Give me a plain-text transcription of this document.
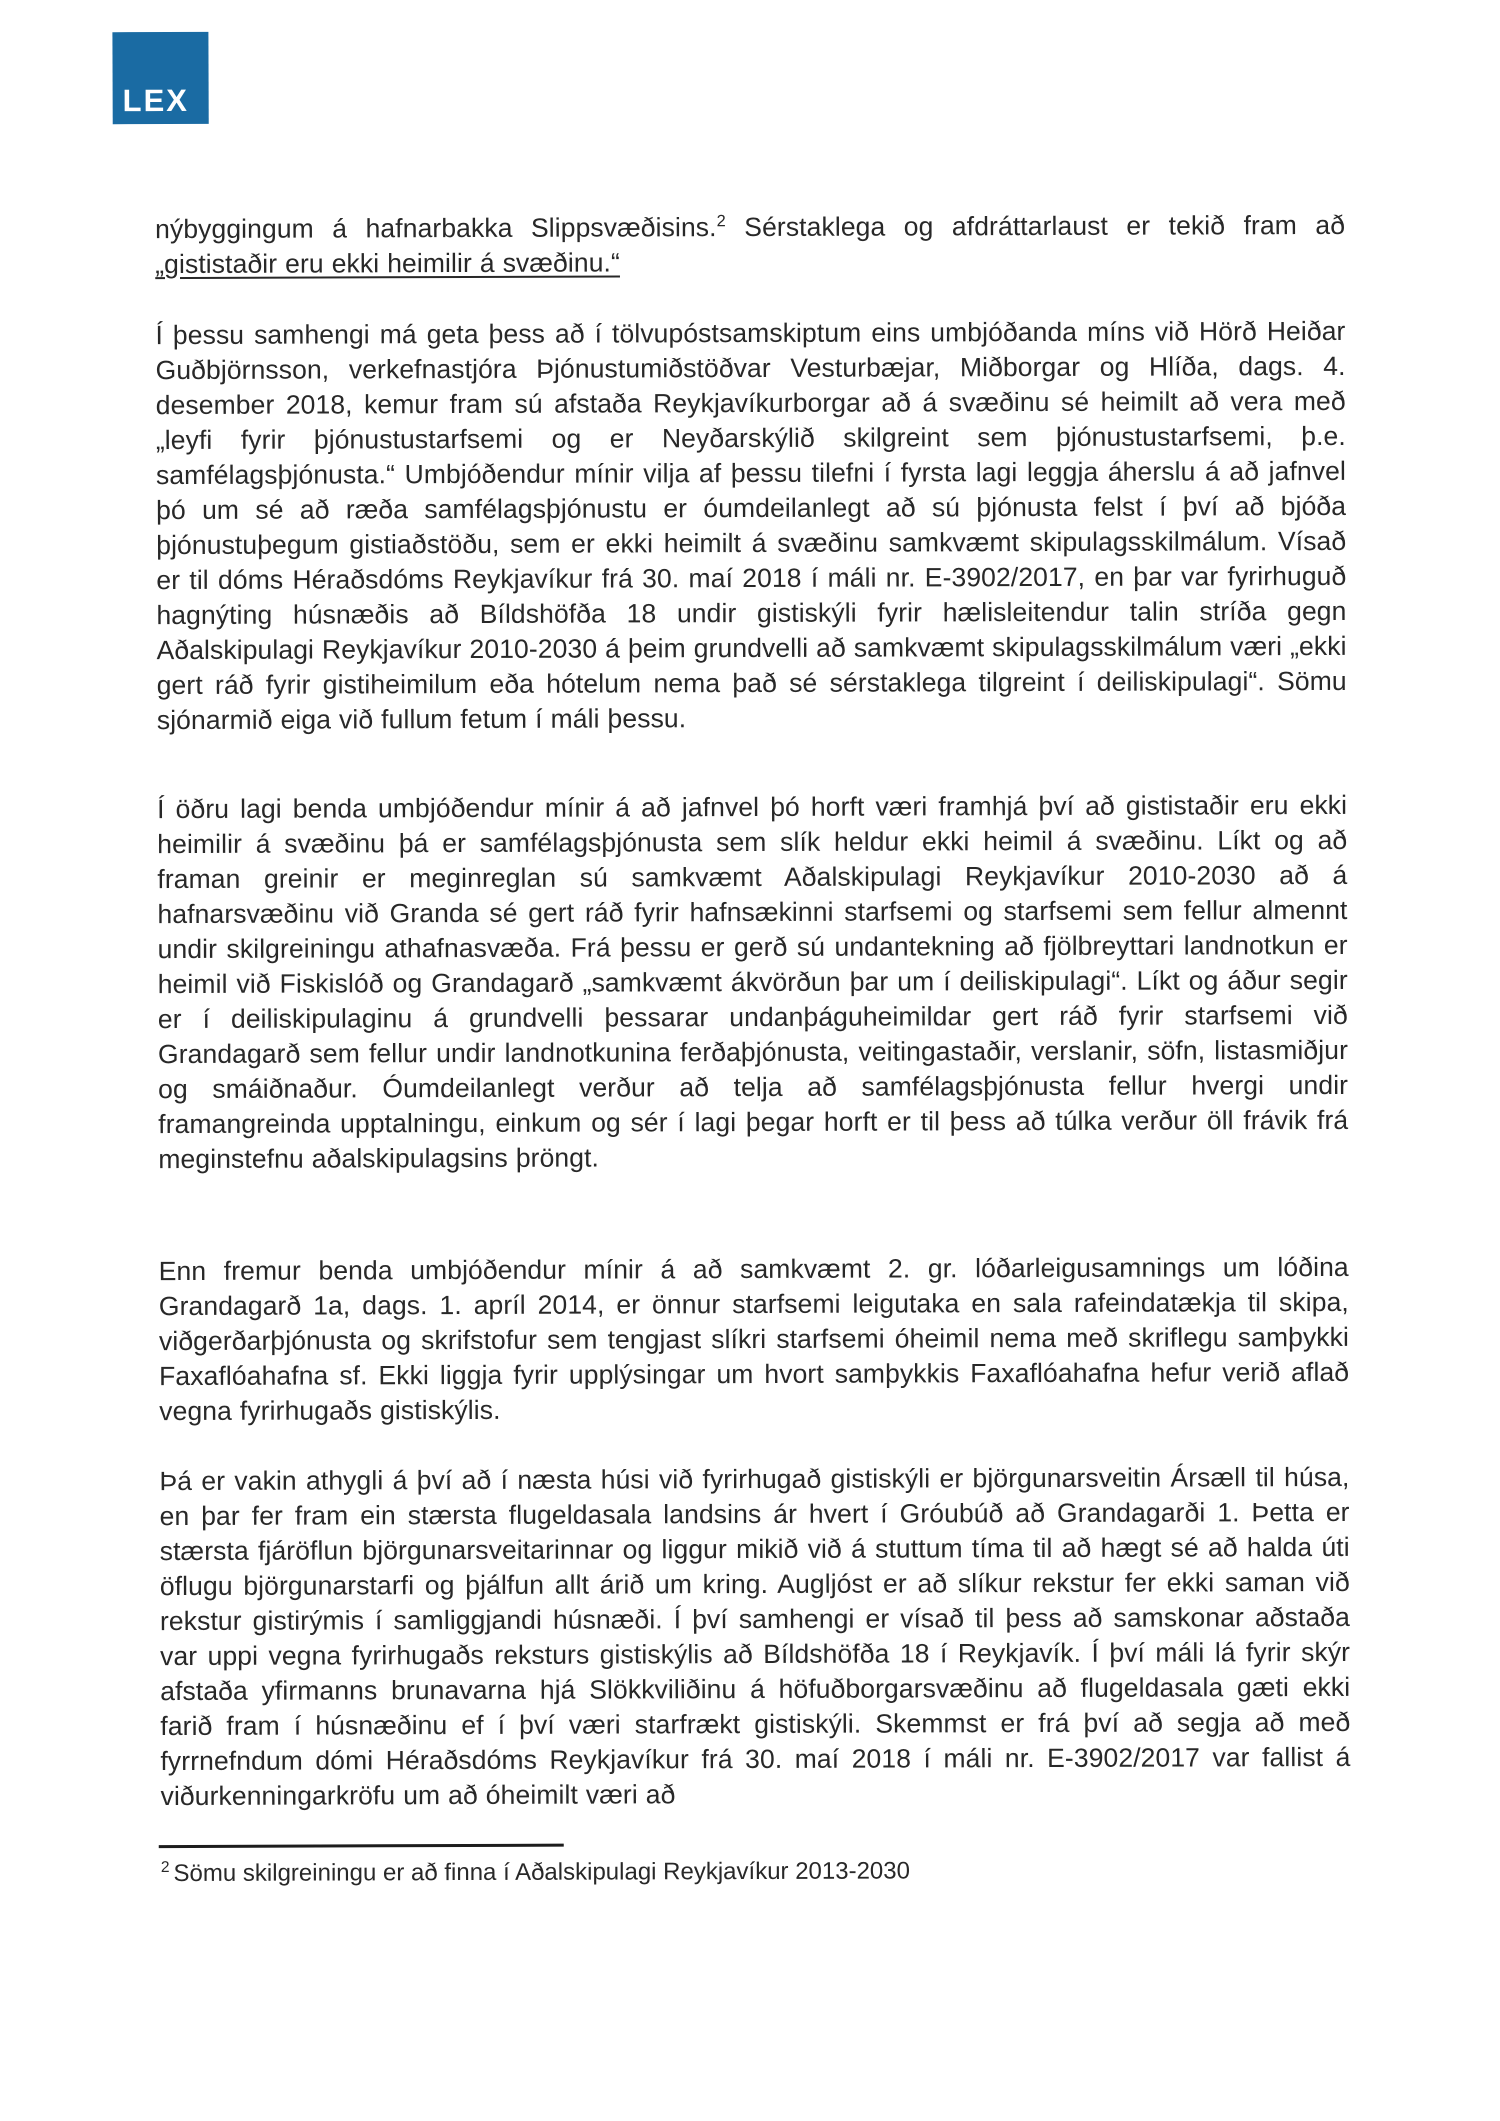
LEX

nýbyggingum á hafnarbakka Slippsvæðisins.$^2$ Sérstaklega og afdráttarlaust er tekið fram að „gististaðir eru ekki heimilir á svæðinu.“

Í þessu samhengi má geta þess að í tölvupóstsamskiptum eins umbjóðanda míns við Hörð Heiðar Guðbjörnsson, verkefnastjóra Þjónustumiðstöðvar Vesturbæjar, Miðborgar og Hlíða, dags. 4. desember 2018, kemur fram sú afstaða Reykjavíkurborgar að á svæðinu sé heimilt að vera með „leyfi fyrir þjónustustarfsemi og er Neyðarskýlið skilgreint sem þjónustustarfsemi, þ.e. samfélagsþjónusta.“ Umbjóðendur mínir vilja af þessu tilefni í fyrsta lagi leggja áherslu á að jafnvel þó um sé að ræða samfélagsþjónustu er óumdeilanlegt að sú þjónusta felst í því að bjóða þjónustuþegum gistiaðstöðu, sem er ekki heimilt á svæðinu samkvæmt skipulagsskilmálum. Vísað er til dóms Héraðsdóms Reykjavíkur frá 30. maí 2018 í máli nr. E-3902/2017, en þar var fyrirhuguð hagnýting húsnæðis að Bíldshöfða 18 undir gistiskýli fyrir hælisleitendur talin stríða gegn Aðalskipulagi Reykjavíkur 2010-2030 á þeim grundvelli að samkvæmt skipulagsskilmálum væri „ekki gert ráð fyrir gistiheimilum eða hótelum nema það sé sérstaklega tilgreint í deiliskipulagi“. Sömu sjónarmið eiga við fullum fetum í máli þessu.

Í öðru lagi benda umbjóðendur mínir á að jafnvel þó horft væri framhjá því að gististaðir eru ekki heimilir á svæðinu þá er samfélagsþjónusta sem slík heldur ekki heimil á svæðinu. Líkt og að framan greinir er meginreglan sú samkvæmt Aðalskipulagi Reykjavíkur 2010-2030 að á hafnarsvæðinu við Granda sé gert ráð fyrir hafnsækinni starfsemi og starfsemi sem fellur almennt undir skilgreiningu athafnasvæða. Frá þessu er gerð sú undantekning að fjölbreyttari landnotkun er heimil við Fiskislóð og Grandagarð „samkvæmt ákvörðun þar um í deiliskipulagi“. Líkt og áður segir er í deiliskipulaginu á grundvelli þessarar undanþáguheimildar gert ráð fyrir starfsemi við Grandagarð sem fellur undir landnotkunina ferðaþjónusta, veitingastaðir, verslanir, söfn, listasmiðjur og smáiðnaður. Óumdeilanlegt verður að telja að samfélagsþjónusta fellur hvergi undir framangreinda upptalningu, einkum og sér í lagi þegar horft er til þess að túlka verður öll frávik frá meginstefnu aðalskipulagsins þröngt.

Enn fremur benda umbjóðendur mínir á að samkvæmt 2. gr. lóðarleigusamnings um lóðina Grandagarð 1a, dags. 1. apríl 2014, er önnur starfsemi leigutaka en sala rafeindatækja til skipa, viðgerðarþjónusta og skrifstofur sem tengjast slíkri starfsemi óheimil nema með skriflegu samþykki Faxaflóahafna sf. Ekki liggja fyrir upplýsingar um hvort samþykkis Faxaflóahafna hefur verið aflað vegna fyrirhugaðs gistiskýlis.

Þá er vakin athygli á því að í næsta húsi við fyrirhugað gistiskýli er björgunarsveitin Ársæll til húsa, en þar fer fram ein stærsta flugeldasala landsins ár hvert í Gróubúð að Grandagarði 1. Þetta er stærsta fjáröflun björgunarsveitarinnar og liggur mikið við á stuttum tíma til að hægt sé að halda úti öflugu björgunarstarfi og þjálfun allt árið um kring. Augljóst er að slíkur rekstur fer ekki saman við rekstur gistirýmis í samliggjandi húsnæði. Í því samhengi er vísað til þess að samskonar aðstaða var uppi vegna fyrirhugaðs reksturs gistiskýlis að Bíldshöfða 18 í Reykjavík. Í því máli lá fyrir skýr afstaða yfirmanns brunavarna hjá Slökkviliðinu á höfuðborgarsvæðinu að flugeldasala gæti ekki farið fram í húsnæðinu ef í því væri starfrækt gistiskýli. Skemmst er frá því að segja að með fyrrnefndum dómi Héraðsdóms Reykjavíkur frá 30. maí 2018 í máli nr. E-3902/2017 var fallist á viðurkenningarkröfu um að óheimilt væri að

$^2$ Sömu skilgreiningu er að finna í Aðalskipulagi Reykjavíkur 2013-2030
